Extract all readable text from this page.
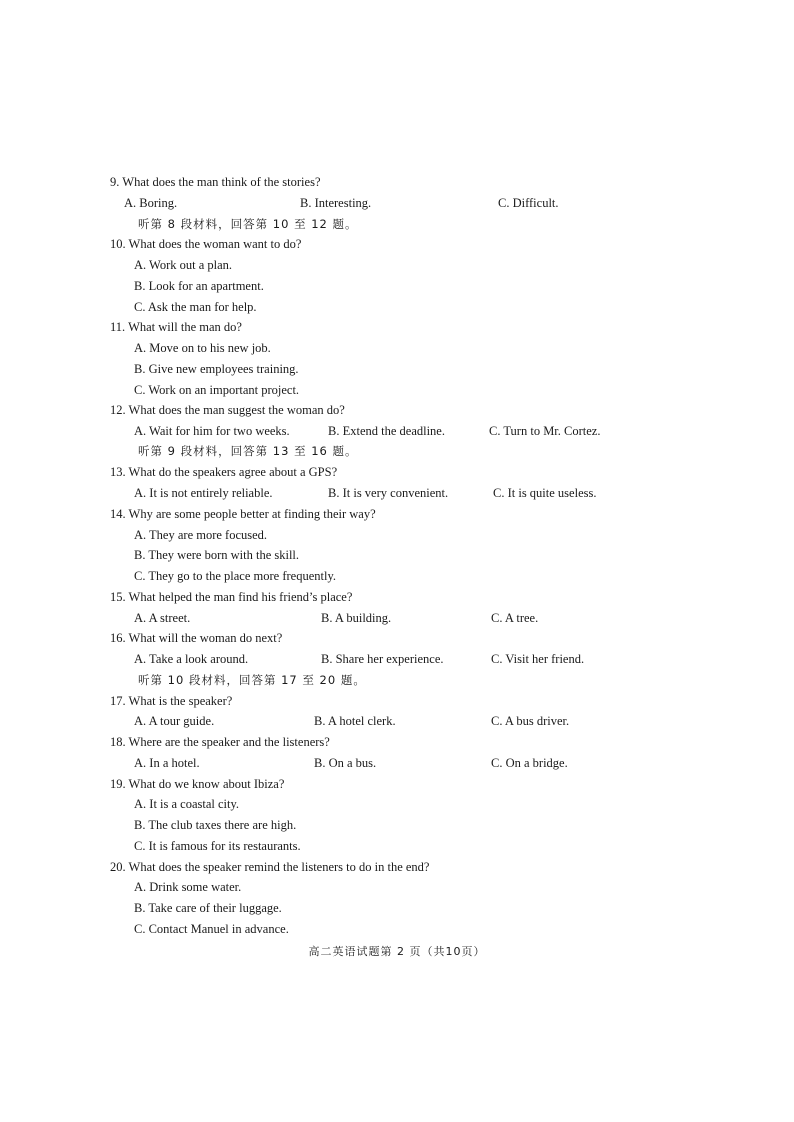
9. What does the man think of the stories?
A. Boring.	B. Interesting.	C. Difficult.
听第 8 段材料，回答第 10 至 12 题。
10. What does the woman want to do?
A. Work out a plan.
B. Look for an apartment.
C. Ask the man for help.
11. What will the man do?
A. Move on to his new job.
B. Give new employees training.
C. Work on an important project.
12. What does the man suggest the woman do?
A. Wait for him for two weeks.	B. Extend the deadline.	C. Turn to Mr. Cortez.
听第 9 段材料，回答第 13 至 16 题。
13. What do the speakers agree about a GPS?
A. It is not entirely reliable.	B. It is very convenient.	C. It is quite useless.
14. Why are some people better at finding their way?
A. They are more focused.
B. They were born with the skill.
C. They go to the place more frequently.
15. What helped the man find his friend’s place?
A. A street.	B. A building.	C. A tree.
16. What will the woman do next?
A. Take a look around.	B. Share her experience.	C. Visit her friend.
听第 10 段材料，回答第 17 至 20 题。
17. What is the speaker?
A. A tour guide.	B. A hotel clerk.	C. A bus driver.
18. Where are the speaker and the listeners?
A. In a hotel.	B. On a bus.	C. On a bridge.
19. What do we know about Ibiza?
A. It is a coastal city.
B. The club taxes there are high.
C. It is famous for its restaurants.
20. What does the speaker remind the listeners to do in the end?
A. Drink some water.
B. Take care of their luggage.
C. Contact Manuel in advance.
高二英语试题第 2 页（共10页）
